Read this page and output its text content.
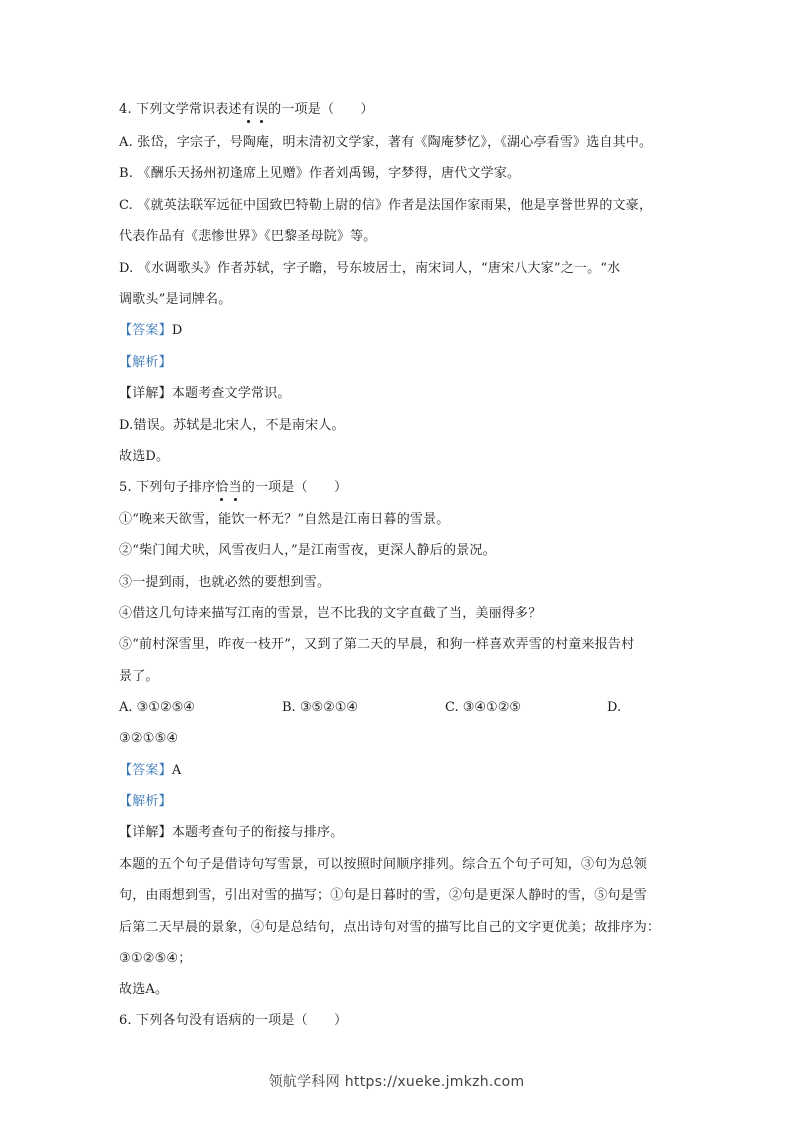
4. 下列文学常识表述有误的一项是（　　）
A. 张岱，字宗子，号陶庵，明末清初文学家，著有《陶庵梦忆》，《湖心亭看雪》选自其中。
B. 《酬乐天扬州初逢席上见赠》作者刘禹锡，字梦得，唐代文学家。
C. 《就英法联军远征中国致巴特勒上尉的信》作者是法国作家雨果，他是享誉世界的文豪，
代表作品有《悲惨世界》《巴黎圣母院》等。
D. 《水调歌头》作者苏轼，字子瞻，号东坡居士，南宋词人，“唐宋八大家”之一。“水
调歌头”是词牌名。
【答案】D
【解析】
【详解】本题考查文学常识。
D.错误。苏轼是北宋人，不是南宋人。
故选D。
5. 下列句子排序恰当的一项是（　　）
①“晚来天欲雪，能饮一杯无？”自然是江南日暮的雪景。
②“柴门闻犬吠，风雪夜归人，”是江南雪夜，更深人静后的景况。
③一提到雨，也就必然的要想到雪。
④借这几句诗来描写江南的雪景，岂不比我的文字直截了当，美丽得多？
⑤“前村深雪里，昨夜一枝开”，又到了第二天的早晨，和狗一样喜欢弄雪的村童来报告村
景了。
A. ③①②⑤④	B. ③⑤②①④	C. ③④①②⑤	D.
③②①⑤④
【答案】A
【解析】
【详解】本题考查句子的衔接与排序。
本题的五个句子是借诗句写雪景，可以按照时间顺序排列。综合五个句子可知，③句为总领
句，由雨想到雪，引出对雪的描写；①句是日暮时的雪，②句是更深人静时的雪，⑤句是雪
后第二天早晨的景象，④句是总结句，点出诗句对雪的描写比自己的文字更优美；故排序为：
③①②⑤④；
故选A。
6. 下列各句没有语病的一项是（　　）
领航学科网 https://xueke.jmkzh.com
